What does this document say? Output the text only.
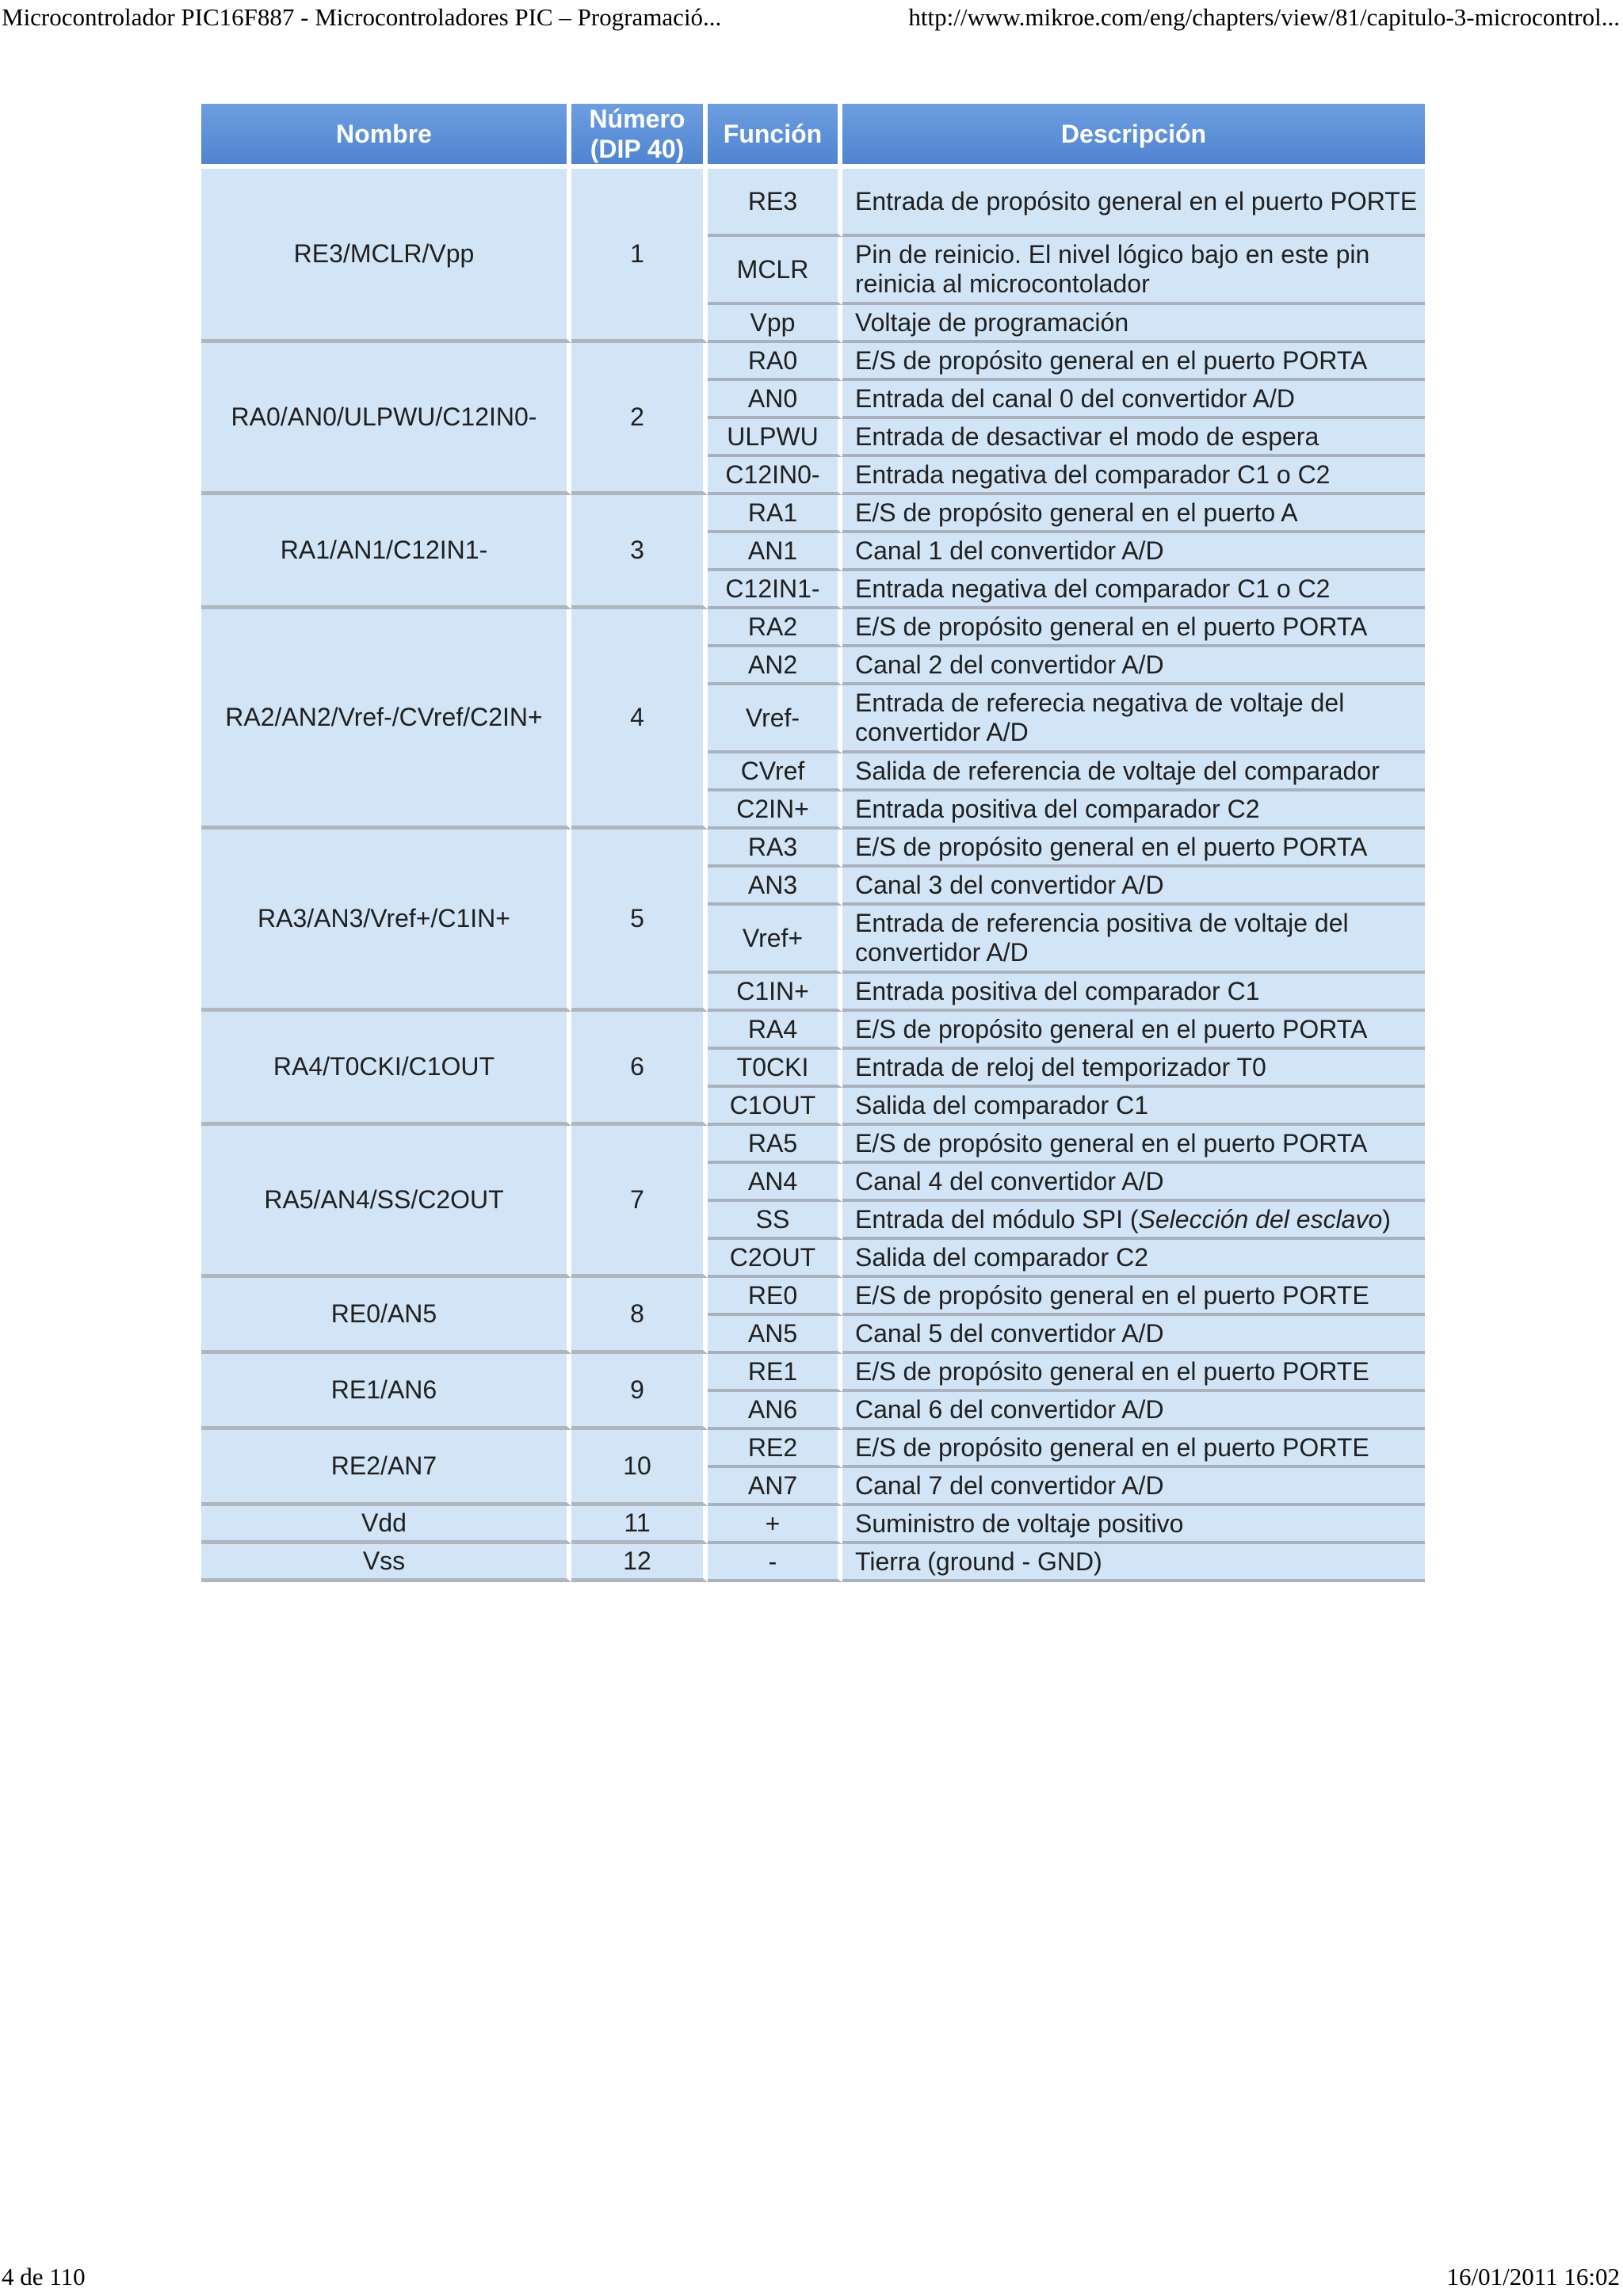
Microcontrolador PIC16F887 - Microcontroladores PIC – Programació...	http://www.mikroe.com/eng/chapters/view/81/capitulo-3-microcontrol...
Nombre	Número (DIP 40)	Función	Descripción
RE3/MCLR/Vpp	1	RE3	Entrada de propósito general en el puerto PORTE
		MCLR	Pin de reinicio. El nivel lógico bajo en este pin reinicia al microcontolador
		Vpp	Voltaje de programación
RA0/AN0/ULPWU/C12IN0-	2	RA0	E/S de propósito general en el puerto PORTA
		AN0	Entrada del canal 0 del convertidor A/D
		ULPWU	Entrada de desactivar el modo de espera
		C12IN0-	Entrada negativa del comparador C1 o C2
RA1/AN1/C12IN1-	3	RA1	E/S de propósito general en el puerto A
		AN1	Canal 1 del convertidor A/D
		C12IN1-	Entrada negativa del comparador C1 o C2
RA2/AN2/Vref-/CVref/C2IN+	4	RA2	E/S de propósito general en el puerto PORTA
		AN2	Canal 2 del convertidor A/D
		Vref-	Entrada de referecia negativa de voltaje del convertidor A/D
		CVref	Salida de referencia de voltaje del comparador
		C2IN+	Entrada positiva del comparador C2
RA3/AN3/Vref+/C1IN+	5	RA3	E/S de propósito general en el puerto PORTA
		AN3	Canal 3 del convertidor A/D
		Vref+	Entrada de referencia positiva de voltaje del convertidor A/D
		C1IN+	Entrada positiva del comparador C1
RA4/T0CKI/C1OUT	6	RA4	E/S de propósito general en el puerto PORTA
		T0CKI	Entrada de reloj del temporizador T0
		C1OUT	Salida del comparador C1
RA5/AN4/SS/C2OUT	7	RA5	E/S de propósito general en el puerto PORTA
		AN4	Canal 4 del convertidor A/D
		SS	Entrada del módulo SPI (Selección del esclavo)
		C2OUT	Salida del comparador C2
RE0/AN5	8	RE0	E/S de propósito general en el puerto PORTE
		AN5	Canal 5 del convertidor A/D
RE1/AN6	9	RE1	E/S de propósito general en el puerto PORTE
		AN6	Canal 6 del convertidor A/D
RE2/AN7	10	RE2	E/S de propósito general en el puerto PORTE
		AN7	Canal 7 del convertidor A/D
Vdd	11	+	Suministro de voltaje positivo
Vss	12	-	Tierra (ground - GND)
4 de 110	16/01/2011 16:02
